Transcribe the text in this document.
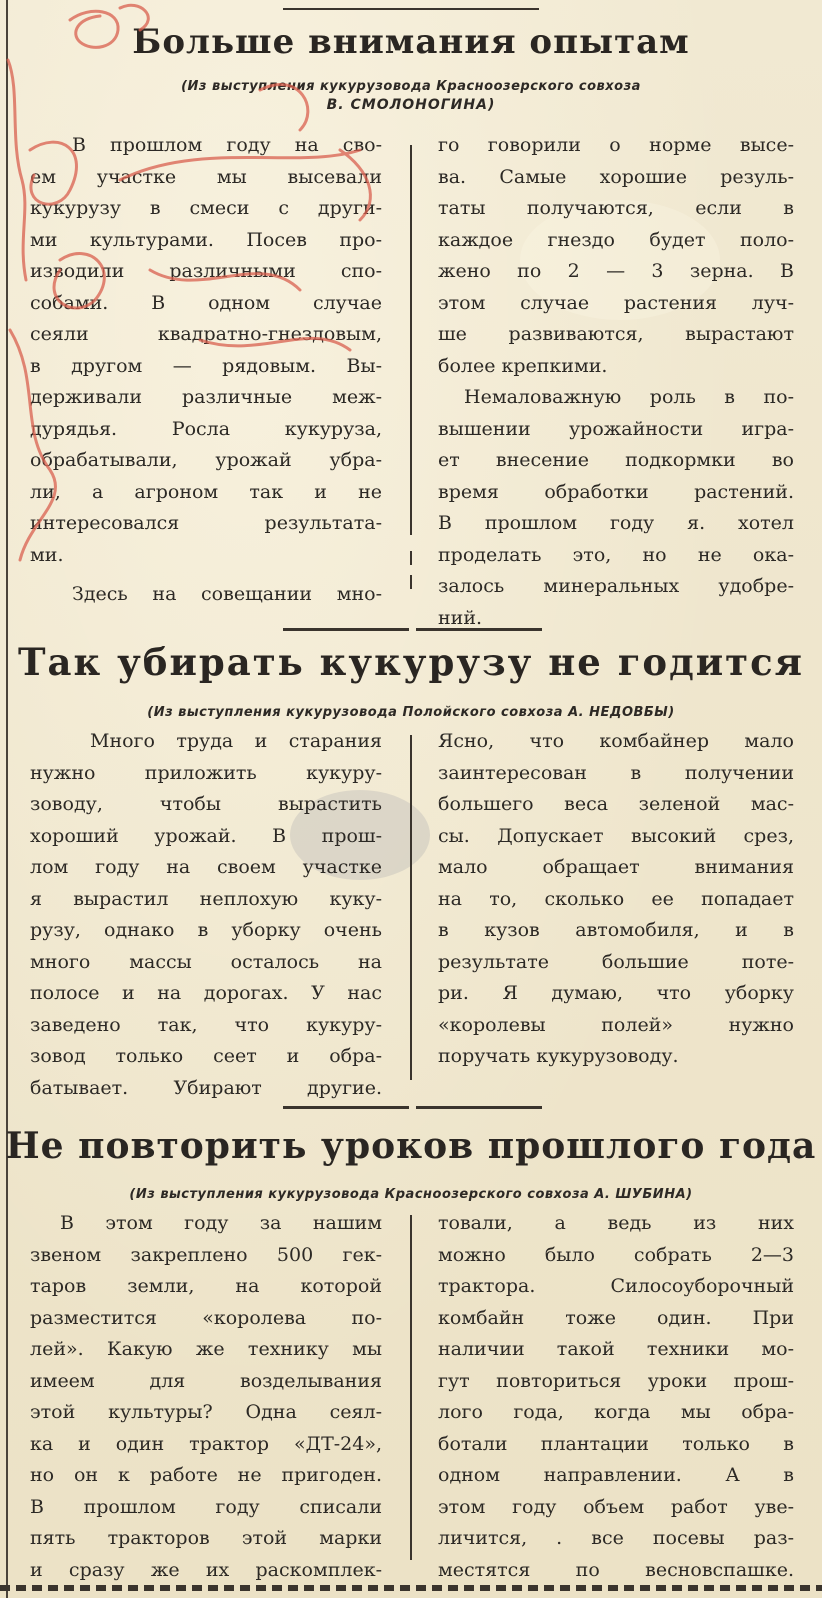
Больше внимания опытам
(Из выступления кукурузовода Красноозерского совхоза
В. СМОЛОНОГИНА)
В прошлом году на сво-
ем участке мы высевали
кукурузу в смеси с други-
ми культурами. Посев про-
изводили различными спо-
собами. В одном случае
сеяли квадратно-гнездовым,
в другом — рядовым. Вы-
держивали различные меж-
дурядья. Росла кукуруза,
обрабатывали, урожай убра-
ли, а агроном так и не
интересовался результата-
ми.
Здесь на совещании мно-
го говорили о норме высе-
ва. Самые хорошие резуль-
таты получаются, если в
каждое гнездо будет поло-
жено по 2 — 3 зерна. В
этом случае растения луч-
ше развиваются, вырастают
более крепкими.
Немаловажную роль в по-
вышении урожайности игра-
ет внесение подкормки во
время обработки растений.
В прошлом году я. хотел
проделать это, но не ока-
залось минеральных удобре-
ний.
Так убирать кукурузу не годится
(Из выступления кукурузовода Полойского совхоза А. НЕДОВБЫ)
Много труда и старания
нужно приложить кукуру-
зоводу, чтобы вырастить
хороший урожай. В прош-
лом году на своем участке
я вырастил неплохую куку-
рузу, однако в уборку очень
много массы осталось на
полосе и на дорогах. У нас
заведено так, что кукуру-
зовод только сеет и обра-
батывает. Убирают другие.
Ясно, что комбайнер мало
заинтересован в получении
большего веса зеленой мас-
сы. Допускает высокий срез,
мало обращает внимания
на то, сколько ее попадает
в кузов автомобиля, и в
результате большие поте-
ри. Я думаю, что уборку
«королевы полей» нужно
поручать кукурузоводу.
Не повторить уроков прошлого года
(Из выступления кукурузовода Красноозерского совхоза А. ШУБИНА)
В этом году за нашим
звеном закреплено 500 гек-
таров земли, на которой
разместится «королева по-
лей». Какую же технику мы
имеем для возделывания
этой культуры? Одна сеял-
ка и один трактор «ДТ-24»,
но он к работе не пригоден.
В прошлом году списали
пять тракторов этой марки
и сразу же их раскомплек-
товали, а ведь из них
можно было собрать 2—3
трактора. Силосоуборочный
комбайн тоже один. При
наличии такой техники мо-
гут повториться уроки прош-
лого года, когда мы обра-
ботали плантации только в
одном направлении. А в
этом году объем работ уве-
личится, . все посевы раз-
местятся по весновспашке.
